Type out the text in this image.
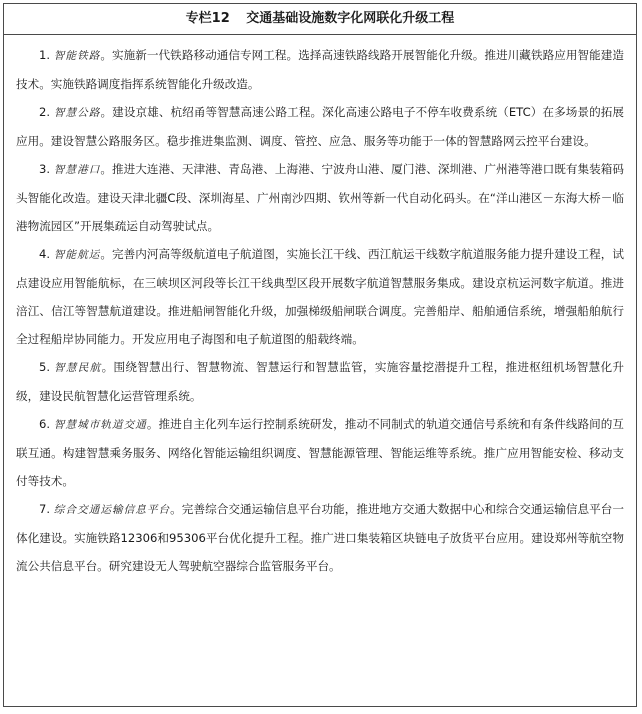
专栏12 交通基础设施数字化网联化升级工程

1. 智能铁路。实施新一代铁路移动通信专网工程。选择高速铁路线路开展智能化升级。推进川藏铁路应用智能建造技术。实施铁路调度指挥系统智能化升级改造。

2. 智慧公路。建设京雄、杭绍甬等智慧高速公路工程。深化高速公路电子不停车收费系统（ETC）在多场景的拓展应用。建设智慧公路服务区。稳步推进集监测、调度、管控、应急、服务等功能于一体的智慧路网云控平台建设。

3. 智慧港口。推进大连港、天津港、青岛港、上海港、宁波舟山港、厦门港、深圳港、广州港等港口既有集装箱码头智能化改造。建设天津北疆C段、深圳海星、广州南沙四期、钦州等新一代自动化码头。在“洋山港区－东海大桥－临港物流园区”开展集疏运自动驾驶试点。

4. 智能航运。完善内河高等级航道电子航道图，实施长江干线、西江航运干线数字航道服务能力提升建设工程，试点建设应用智能航标，在三峡坝区河段等长江干线典型区段开展数字航道智慧服务集成。建设京杭运河数字航道。推进涪江、信江等智慧航道建设。推进船闸智能化升级，加强梯级船闸联合调度。完善船岸、船舶通信系统，增强船舶航行全过程船岸协同能力。开发应用电子海图和电子航道图的船载终端。

5. 智慧民航。围绕智慧出行、智慧物流、智慧运行和智慧监管，实施容量挖潜提升工程，推进枢纽机场智慧化升级，建设民航智慧化运营管理系统。

6. 智慧城市轨道交通。推进自主化列车运行控制系统研发，推动不同制式的轨道交通信号系统和有条件线路间的互联互通。构建智慧乘务服务、网络化智能运输组织调度、智慧能源管理、智能运维等系统。推广应用智能安检、移动支付等技术。

7. 综合交通运输信息平台。完善综合交通运输信息平台功能，推进地方交通大数据中心和综合交通运输信息平台一体化建设。实施铁路12306和95306平台优化提升工程。推广进口集装箱区块链电子放货平台应用。建设郑州等航空物流公共信息平台。研究建设无人驾驶航空器综合监管服务平台。
